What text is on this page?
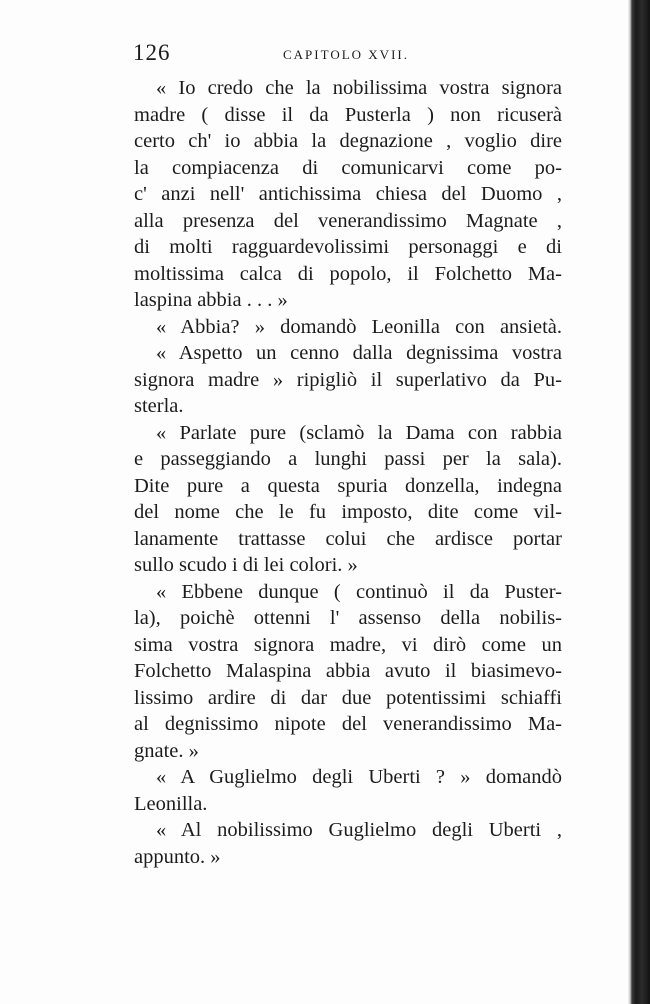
126	CAPITOLO XVII.
« Io credo che la nobilissima vostra signora
madre ( disse il da Pusterla ) non ricuserà
certo ch' io abbia la degnazione , voglio dire
la compiacenza di comunicarvi come po-
c' anzi nell' antichissima chiesa del Duomo ,
alla presenza del venerandissimo Magnate ,
di molti ragguardevolissimi personaggi e di
moltissima calca di popolo, il Folchetto Ma-
laspina abbia . . . »
« Abbia? » domandò Leonilla con ansietà.
« Aspetto un cenno dalla degnissima vostra
signora madre » ripigliò il superlativo da Pu-
sterla.
« Parlate pure (sclamò la Dama con rabbia
e passeggiando a lunghi passi per la sala).
Dite pure a questa spuria donzella, indegna
del nome che le fu imposto, dite come vil-
lanamente trattasse colui che ardisce portar
sullo scudo i di lei colori. »
« Ebbene dunque ( continuò il da Puster-
la), poichè ottenni l' assenso della nobilis-
sima vostra signora madre, vi dirò come un
Folchetto Malaspina abbia avuto il biasimevo-
lissimo ardire di dar due potentissimi schiaffi
al degnissimo nipote del venerandissimo Ma-
gnate. »
« A Guglielmo degli Uberti ? » domandò
Leonilla.
« Al nobilissimo Guglielmo degli Uberti ,
appunto. »
